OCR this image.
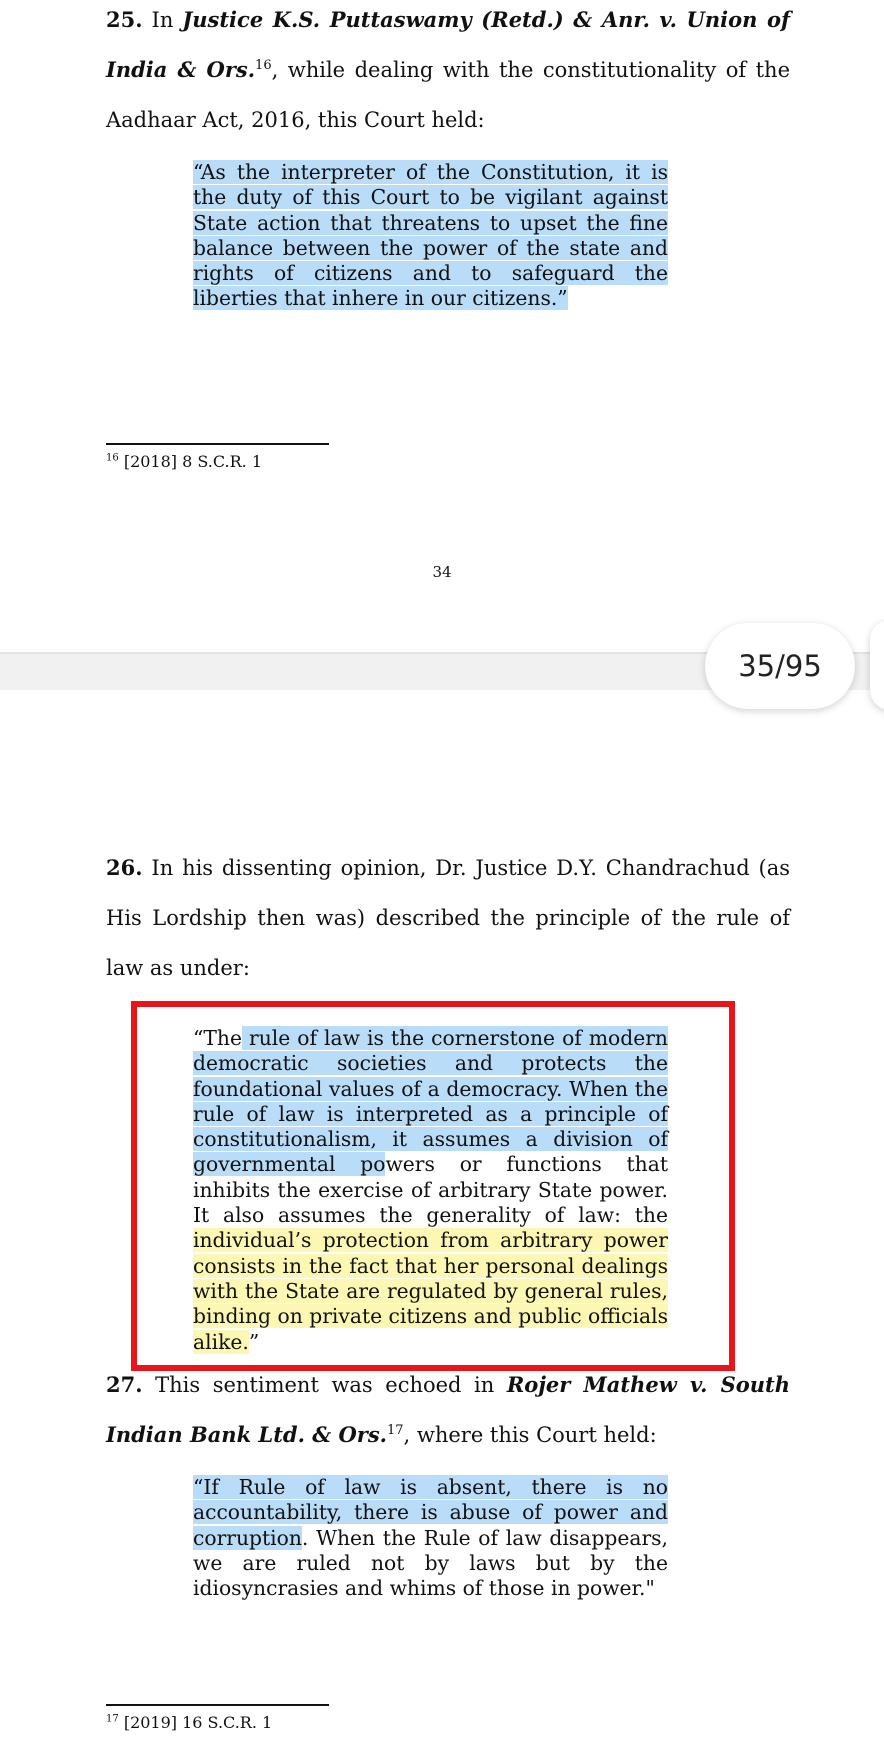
25. In Justice K.S. Puttaswamy (Retd.) & Anr. v. Union of India & Ors.$^{16}$, while dealing with the constitutionality of the Aadhaar Act, 2016, this Court held:
“As the interpreter of the Constitution, it is the duty of this Court to be vigilant against State action that threatens to upset the fine balance between the power of the state and rights of citizens and to safeguard the liberties that inhere in our citizens.”
$^{16}$ [2018] 8 S.C.R. 1
34
35/95
26. In his dissenting opinion, Dr. Justice D.Y. Chandrachud (as His Lordship then was) described the principle of the rule of law as under:
“The rule of law is the cornerstone of modern democratic societies and protects the foundational values of a democracy. When the rule of law is interpreted as a principle of constitutionalism, it assumes a division of governmental powers or functions that inhibits the exercise of arbitrary State power. It also assumes the generality of law: the individual’s protection from arbitrary power consists in the fact that her personal dealings with the State are regulated by general rules, binding on private citizens and public officials alike.”
27. This sentiment was echoed in Rojer Mathew v. South Indian Bank Ltd. & Ors.$^{17}$, where this Court held:
“If Rule of law is absent, there is no accountability, there is abuse of power and corruption. When the Rule of law disappears, we are ruled not by laws but by the idiosyncrasies and whims of those in power."
$^{17}$ [2019] 16 S.C.R. 1
